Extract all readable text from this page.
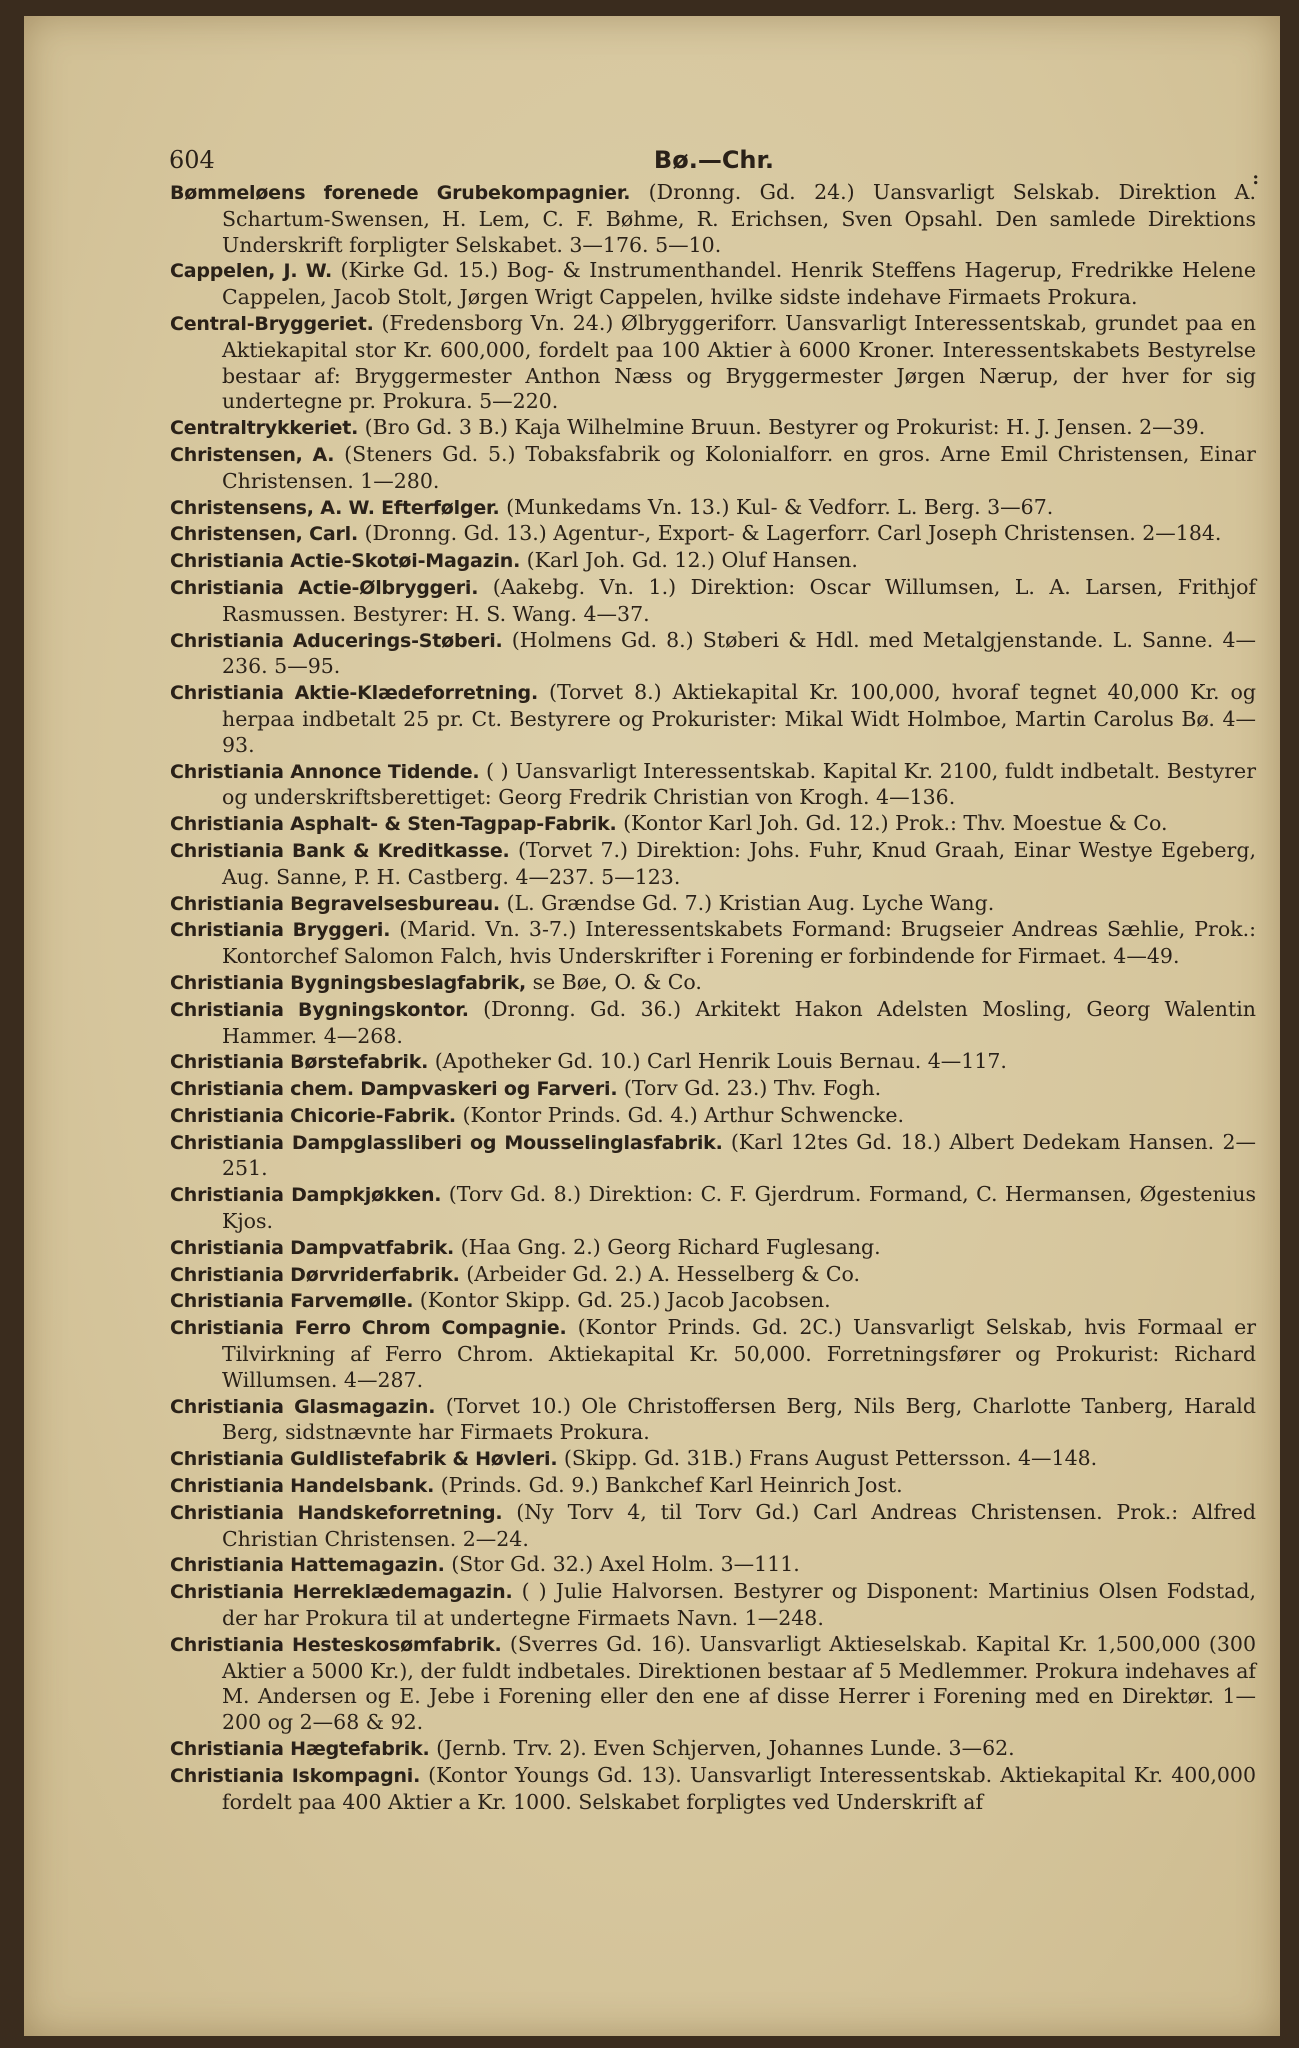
604	Bø.—Chr.
:
Bømmeløens forenede Grubekompagnier. (Dronng. Gd. 24.) Uansvarligt Selskab. Direktion A. Schartum-Swensen, H. Lem, C. F. Bøhme, R. Erichsen, Sven Opsahl. Den samlede Direktions Underskrift forpligter Selskabet. 3—176. 5—10.
Cappelen, J. W. (Kirke Gd. 15.) Bog- & Instrumenthandel. Henrik Steffens Hagerup, Fredrikke Helene Cappelen, Jacob Stolt, Jørgen Wrigt Cappelen, hvilke sidste indehave Firmaets Prokura.
Central-Bryggeriet. (Fredensborg Vn. 24.) Ølbryggeriforr. Uansvarligt Interessentskab, grundet paa en Aktiekapital stor Kr. 600,000, fordelt paa 100 Aktier à 6000 Kroner. Interessentskabets Bestyrelse bestaar af: Bryggermester Anthon Næss og Bryggermester Jørgen Nærup, der hver for sig undertegne pr. Prokura. 5—220.
Centraltrykkeriet. (Bro Gd. 3 B.) Kaja Wilhelmine Bruun. Bestyrer og Prokurist: H. J. Jensen. 2—39.
Christensen, A. (Steners Gd. 5.) Tobaksfabrik og Kolonialforr. en gros. Arne Emil Christensen, Einar Christensen. 1—280.
Christensens, A. W. Efterfølger. (Munkedams Vn. 13.) Kul- & Vedforr. L. Berg. 3—67.
Christensen, Carl. (Dronng. Gd. 13.) Agentur-, Export- & Lagerforr. Carl Joseph Christensen. 2—184.
Christiania Actie-Skotøi-Magazin. (Karl Joh. Gd. 12.) Oluf Hansen.
Christiania Actie-Ølbryggeri. (Aakebg. Vn. 1.) Direktion: Oscar Willumsen, L. A. Larsen, Frithjof Rasmussen. Bestyrer: H. S. Wang. 4—37.
Christiania Aducerings-Støberi. (Holmens Gd. 8.) Støberi & Hdl. med Metalgjenstande. L. Sanne. 4—236. 5—95.
Christiania Aktie-Klædeforretning. (Torvet 8.) Aktiekapital Kr. 100,000, hvoraf tegnet 40,000 Kr. og herpaa indbetalt 25 pr. Ct. Bestyrere og Prokurister: Mikal Widt Holmboe, Martin Carolus Bø. 4—93.
Christiania Annonce Tidende. ( ) Uansvarligt Interessentskab. Kapital Kr. 2100, fuldt indbetalt. Bestyrer og underskriftsberettiget: Georg Fredrik Christian von Krogh. 4—136.
Christiania Asphalt- & Sten-Tagpap-Fabrik. (Kontor Karl Joh. Gd. 12.) Prok.: Thv. Moestue & Co.
Christiania Bank & Kreditkasse. (Torvet 7.) Direktion: Johs. Fuhr, Knud Graah, Einar Westye Egeberg, Aug. Sanne, P. H. Castberg. 4—237. 5—123.
Christiania Begravelsesbureau. (L. Grændse Gd. 7.) Kristian Aug. Lyche Wang.
Christiania Bryggeri. (Marid. Vn. 3-7.) Interessentskabets Formand: Brugseier Andreas Sæhlie, Prok.: Kontorchef Salomon Falch, hvis Underskrifter i Forening er forbindende for Firmaet. 4—49.
Christiania Bygningsbeslagfabrik, se Bøe, O. & Co.
Christiania Bygningskontor. (Dronng. Gd. 36.) Arkitekt Hakon Adelsten Mosling, Georg Walentin Hammer. 4—268.
Christiania Børstefabrik. (Apotheker Gd. 10.) Carl Henrik Louis Bernau. 4—117.
Christiania chem. Dampvaskeri og Farveri. (Torv Gd. 23.) Thv. Fogh.
Christiania Chicorie-Fabrik. (Kontor Prinds. Gd. 4.) Arthur Schwencke.
Christiania Dampglassliberi og Mousselinglasfabrik. (Karl 12tes Gd. 18.) Albert Dedekam Hansen. 2—251.
Christiania Dampkjøkken. (Torv Gd. 8.) Direktion: C. F. Gjerdrum. Formand, C. Hermansen, Øgestenius Kjos.
Christiania Dampvatfabrik. (Haa Gng. 2.) Georg Richard Fuglesang.
Christiania Dørvriderfabrik. (Arbeider Gd. 2.) A. Hesselberg & Co.
Christiania Farvemølle. (Kontor Skipp. Gd. 25.) Jacob Jacobsen.
Christiania Ferro Chrom Compagnie. (Kontor Prinds. Gd. 2C.) Uansvarligt Selskab, hvis Formaal er Tilvirkning af Ferro Chrom. Aktiekapital Kr. 50,000. Forretningsfører og Prokurist: Richard Willumsen. 4—287.
Christiania Glasmagazin. (Torvet 10.) Ole Christoffersen Berg, Nils Berg, Charlotte Tanberg, Harald Berg, sidstnævnte har Firmaets Prokura.
Christiania Guldlistefabrik & Høvleri. (Skipp. Gd. 31B.) Frans August Pettersson. 4—148.
Christiania Handelsbank. (Prinds. Gd. 9.) Bankchef Karl Heinrich Jost.
Christiania Handskeforretning. (Ny Torv 4, til Torv Gd.) Carl Andreas Christensen. Prok.: Alfred Christian Christensen. 2—24.
Christiania Hattemagazin. (Stor Gd. 32.) Axel Holm. 3—111.
Christiania Herreklædemagazin. ( ) Julie Halvorsen. Bestyrer og Disponent: Martinius Olsen Fodstad, der har Prokura til at undertegne Firmaets Navn. 1—248.
Christiania Hesteskosømfabrik. (Sverres Gd. 16). Uansvarligt Aktieselskab. Kapital Kr. 1,500,000 (300 Aktier a 5000 Kr.), der fuldt indbetales. Direktionen bestaar af 5 Medlemmer. Prokura indehaves af M. Andersen og E. Jebe i Forening eller den ene af disse Herrer i Forening med en Direktør. 1—200 og 2—68 & 92.
Christiania Hægtefabrik. (Jernb. Trv. 2). Even Schjerven, Johannes Lunde. 3—62.
Christiania Iskompagni. (Kontor Youngs Gd. 13). Uansvarligt Interessentskab. Aktiekapital Kr. 400,000 fordelt paa 400 Aktier a Kr. 1000. Selskabet forpligtes ved Underskrift af
